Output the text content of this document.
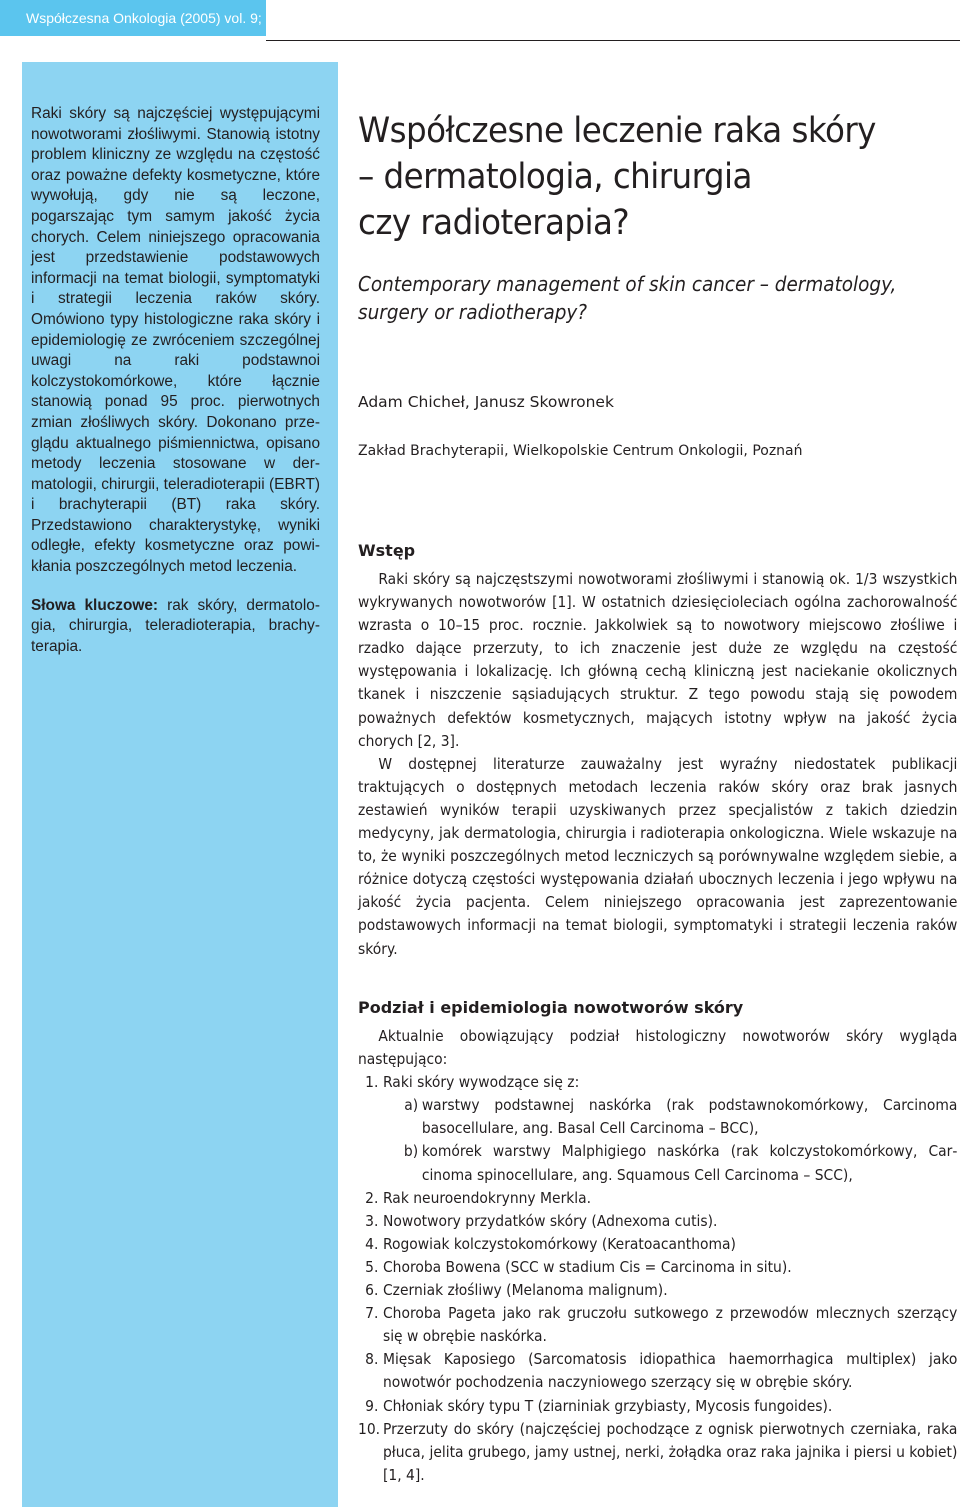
Współczesna Onkologia (2005) vol. 9; 10 (429–435)

Raki skóry są najczęściej występującymi nowotworami złośliwymi. Stanowią istotny problem kliniczny ze względu na częstość oraz poważne defekty kosmetyczne, które wywołują, gdy nie są leczone, pogarszając tym samym jakość życia chorych. Celem niniejszego opracowania jest przedstawienie podstawowych informacji na temat biologii, symptomatyki i strategii leczenia raków skóry. Omówiono typy histologiczne raka skóry i epidemiologię ze zwróceniem szczególnej uwagi na raki podstawnoi kolczystokomórkowe, które łącznie stanowią ponad 95 proc. pierwotnych zmian złośliwych skóry. Dokonano przeglądu aktualnego piśmiennictwa, opisano metody leczenia stosowane w dermatologii, chirurgii, teleradioterapii (EBRT) i brachyterapii (BT) raka skóry. Przedstawiono charakterystykę, wyniki odległe, efekty kosmetyczne oraz powikłania poszczególnych metod leczenia.

Słowa kluczowe: rak skóry, dermatologia, chirurgia, teleradioterapia, brachyterapia.

Współczesne leczenie raka skóry
– dermatologia, chirurgia
czy radioterapia?
Contemporary management of skin cancer – dermatology,
surgery or radiotherapy?

Adam Chicheł, Janusz Skowronek

Zakład Brachyterapii, Wielkopolskie Centrum Onkologii, Poznań

Wstęp

Raki skóry są najczęstszymi nowotworami złośliwymi i stanowią ok. 1/3 wszystkich wykrywanych nowotworów [1]. W ostatnich dziesięcioleciach ogólna zachorowalność wzrasta o 10–15 proc. rocznie. Jakkolwiek są to nowotwory miejscowo złośliwe i rzadko dające przerzuty, to ich znaczenie jest duże ze względu na częstość występowania i lokalizację. Ich główną cechą kliniczną jest naciekanie okolicznych tkanek i niszczenie sąsiadujących struktur. Z tego powodu stają się powodem poważnych defektów kosmetycznych, mających istotny wpływ na jakość życia chorych [2, 3].

W dostępnej literaturze zauważalny jest wyraźny niedostatek publikacji traktujących o dostępnych metodach leczenia raków skóry oraz brak jasnych zestawień wyników terapii uzyskiwanych przez specjalistów z takich dziedzin medycyny, jak dermatologia, chirurgia i radioterapia onkologiczna. Wiele wskazuje na to, że wyniki poszczególnych metod leczniczych są porównywalne względem siebie, a różnice dotyczą częstości występowania działań ubocznych leczenia i jego wpływu na jakość życia pacjenta. Celem niniejszego opracowania jest zaprezentowanie podstawowych informacji na temat biologii, symptomatyki i strategii leczenia raków skóry.

Podział i epidemiologia nowotworów skóry

Aktualnie obowiązujący podział histologiczny nowotworów skóry wygląda następująco:

1. Raki skóry wywodzące się z:
a) warstwy podstawnej naskórka (rak podstawnokomórkowy, Carcinoma basocellulare, ang. Basal Cell Carcinoma – BCC),
b) komórek warstwy Malphigiego naskórka (rak kolczystokomórkowy, Carcinoma spinocellulare, ang. Squamous Cell Carcinoma – SCC),
2. Rak neuroendokrynny Merkla.
3. Nowotwory przydatków skóry (Adnexoma cutis).
4. Rogowiak kolczystokomórkowy (Keratoacanthoma)
5. Choroba Bowena (SCC w stadium Cis = Carcinoma in situ).
6. Czerniak złośliwy (Melanoma malignum).
7. Choroba Pageta jako rak gruczołu sutkowego z przewodów mlecznych szerzący się w obrębie naskórka.
8. Mięsak Kaposiego (Sarcomatosis idiopathica haemorrhagica multiplex) jako nowotwór pochodzenia naczyniowego szerzący się w obrębie skóry.
9. Chłoniak skóry typu T (ziarniniak grzybiasty, Mycosis fungoides).
10. Przerzuty do skóry (najczęściej pochodzące z ognisk pierwotnych czerniaka, raka płuca, jelita grubego, jamy ustnej, nerki, żołądka oraz raka jajnika i piersi u kobiet) [1, 4].
